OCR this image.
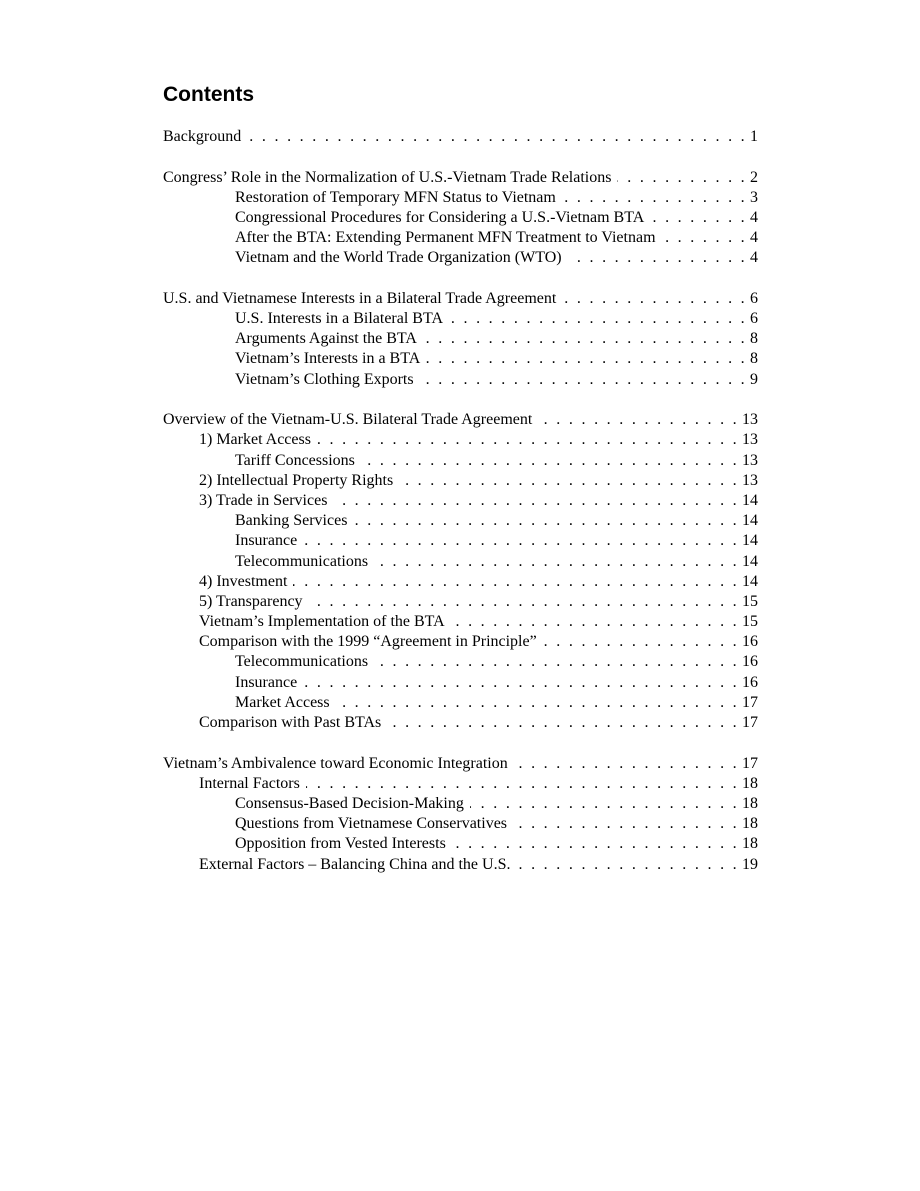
Contents
Background . . .	1
Congress’ Role in the Normalization of U.S.-Vietnam Trade Relations . . .	2
Restoration of Temporary MFN Status to Vietnam . . .	3
Congressional Procedures for Considering a U.S.-Vietnam BTA . . .	4
After the BTA: Extending Permanent MFN Treatment to Vietnam . . .	4
Vietnam and the World Trade Organization (WTO) . . .	4
U.S. and Vietnamese Interests in a Bilateral Trade Agreement . . .	6
U.S. Interests in a Bilateral BTA . . .	6
Arguments Against the BTA . . .	8
Vietnam’s Interests in a BTA . . .	8
Vietnam’s Clothing Exports . . .	9
Overview of the Vietnam-U.S. Bilateral Trade Agreement . . .	13
1) Market Access . . .	13
Tariff Concessions . . .	13
2) Intellectual Property Rights . . .	13
3) Trade in Services . . .	14
Banking Services . . .	14
Insurance . . .	14
Telecommunications . . .	14
4) Investment . . .	14
5) Transparency . . .	15
Vietnam’s Implementation of the BTA . . .	15
Comparison with the 1999 “Agreement in Principle” . . .	16
Telecommunications . . .	16
Insurance . . .	16
Market Access . . .	17
Comparison with Past BTAs . . .	17
Vietnam’s Ambivalence toward Economic Integration . . .	17
Internal Factors . . .	18
Consensus-Based Decision-Making . . .	18
Questions from Vietnamese Conservatives . . .	18
Opposition from Vested Interests . . .	18
External Factors – Balancing China and the U.S. . . .	19
